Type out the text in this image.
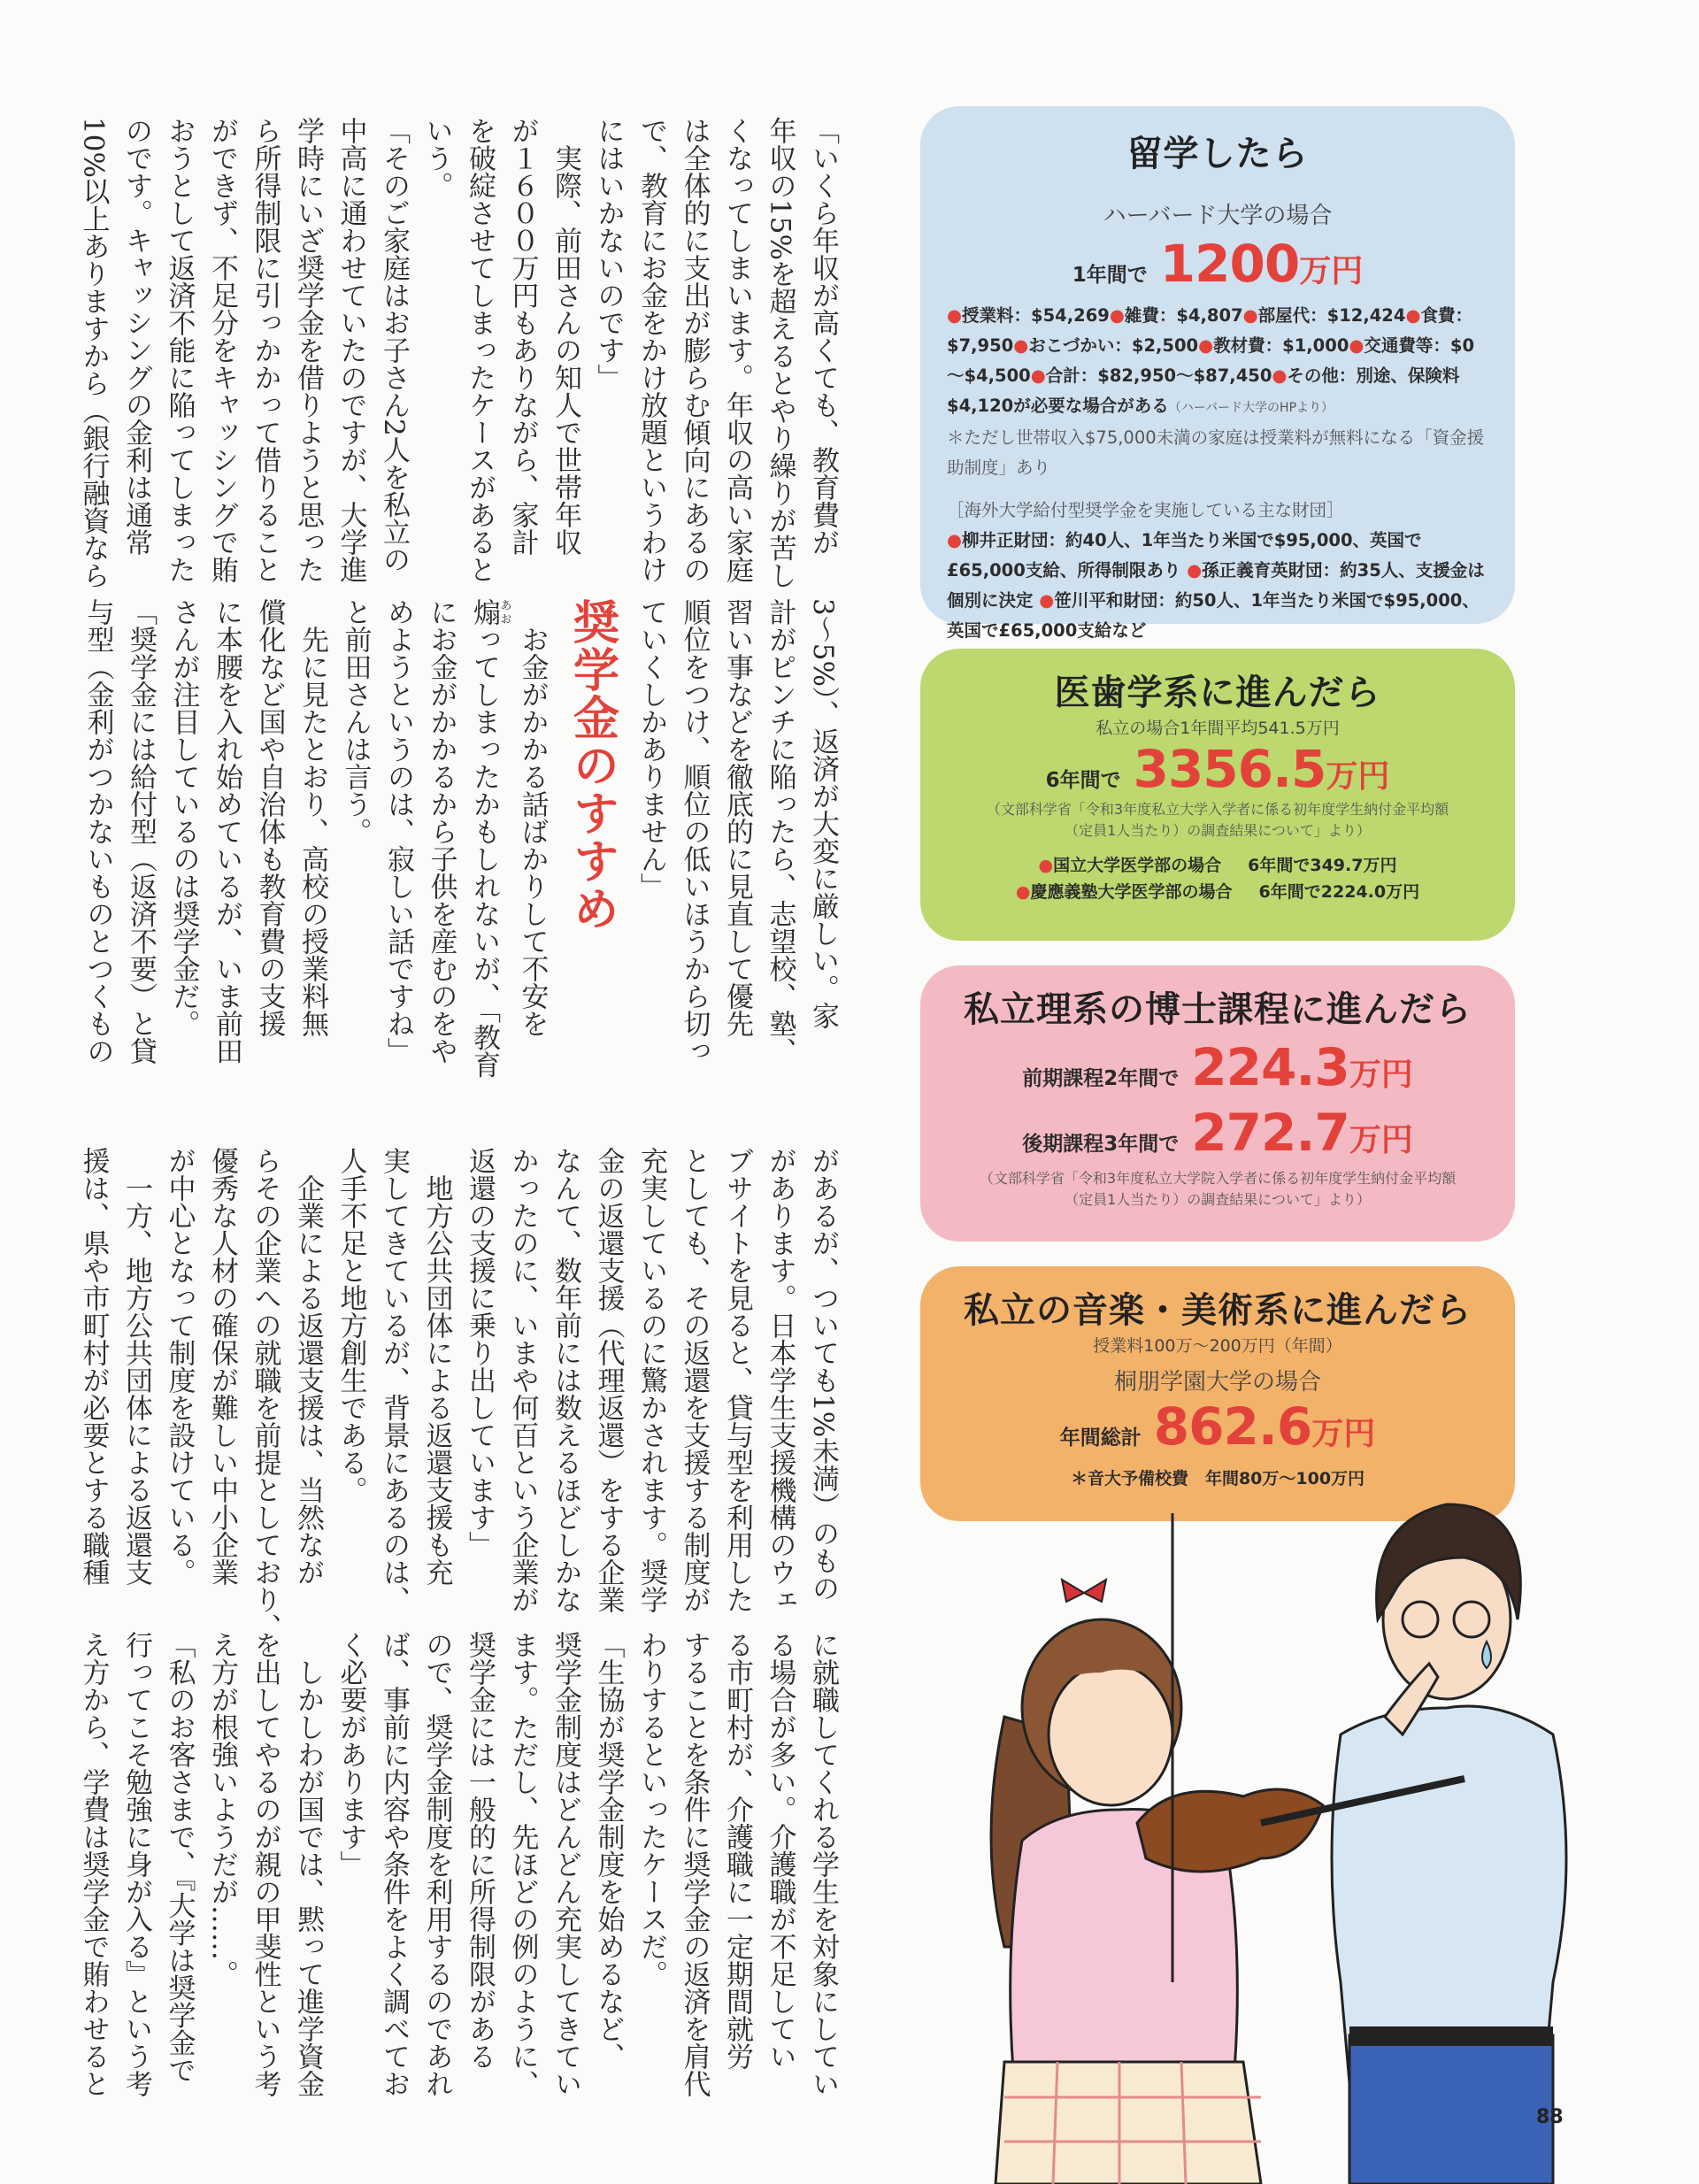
「いくら年収が高くても、教育費が
年収の15%を超えるとやり繰りが苦し
くなってしまいます。年収の高い家庭
は全体的に支出が膨らむ傾向にあるの
で、教育にお金をかけ放題というわけ
にはいかないのです」
　実際、前田さんの知人で世帯年収
が１６００万円もありながら、家計
を破綻させてしまったケースがあると
いう。
「そのご家庭はお子さん2人を私立の
中高に通わせていたのですが、大学進
学時にいざ奨学金を借りようと思った
ら所得制限に引っかかって借りること
ができず、不足分をキャッシングで賄
おうとして返済不能に陥ってしまった
のです。キャッシングの金利は通常
10%以上ありますから（銀行融資なら
3～5%）、返済が大変に厳しい。家
計がピンチに陥ったら、志望校、塾、
習い事などを徹底的に見直して優先
順位をつけ、順位の低いほうから切っ
ていくしかありません」
奨学金のすすめ
　お金がかかる話ばかりして不安を
煽あおってしまったかもしれないが、「教育
にお金がかかるから子供を産むのをや
めようというのは、寂しい話ですね」
と前田さんは言う。
　先に見たとおり、高校の授業料無
償化など国や自治体も教育費の支援
に本腰を入れ始めているが、いま前田
さんが注目しているのは奨学金だ。
「奨学金には給付型（返済不要）と貸
与型（金利がつかないものとつくもの
があるが、ついても1%未満）のもの
があります。日本学生支援機構のウェ
ブサイトを見ると、貸与型を利用した
としても、その返還を支援する制度が
充実しているのに驚かされます。奨学
金の返還支援（代理返還）をする企業
なんて、数年前には数えるほどしかな
かったのに、いまや何百という企業が
返還の支援に乗り出しています」
　地方公共団体による返還支援も充
実してきているが、背景にあるのは、
人手不足と地方創生である。
　企業による返還支援は、当然なが
らその企業への就職を前提としており、
優秀な人材の確保が難しい中小企業
が中心となって制度を設けている。
　一方、地方公共団体による返還支
援は、県や市町村が必要とする職種
に就職してくれる学生を対象にしてい
る場合が多い。介護職が不足してい
る市町村が、介護職に一定期間就労
することを条件に奨学金の返済を肩代
わりするといったケースだ。
「生協が奨学金制度を始めるなど、
奨学金制度はどんどん充実してきてい
ます。ただし、先ほどの例のように、
奨学金には一般的に所得制限がある
ので、奨学金制度を利用するのであれ
ば、事前に内容や条件をよく調べてお
く必要があります」
　しかしわが国では、黙って進学資金
を出してやるのが親の甲斐性という考
え方が根強いようだが……。
「私のお客さまで、『大学は奨学金で
行ってこそ勉強に身が入る』という考
え方から、学費は奨学金で賄わせると
留学したら
ハーバード大学の場合
1年間で 1200万円
●授業料：$54,269●雑費：$4,807●部屋代：$12,424●食費：$7,950●おこづかい：$2,500●教材費：$1,000●交通費等：$0～$4,500●合計：$82,950～$87,450●その他：別途、保険料$4,120が必要な場合がある（ハーバード大学のHPより）
＊ただし世帯収入$75,000未満の家庭は授業料が無料になる「資金援助制度」あり
［海外大学給付型奨学金を実施している主な財団］
●柳井正財団：約40人、1年当たり米国で$95,000、英国で£65,000支給、所得制限あり ●孫正義育英財団：約35人、支援金は個別に決定 ●笹川平和財団：約50人、1年当たり米国で$95,000、英国で£65,000支給など
医歯学系に進んだら
私立の場合1年間平均541.5万円
6年間で 3356.5万円
（文部科学省「令和3年度私立大学入学者に係る初年度学生納付金平均額（定員1人当たり）の調査結果について」より）
●国立大学医学部の場合 6年間で349.7万円
●慶應義塾大学医学部の場合 6年間で2224.0万円
私立理系の博士課程に進んだら
前期課程2年間で 224.3万円
後期課程3年間で 272.7万円
（文部科学省「令和3年度私立大学院入学者に係る初年度学生納付金平均額（定員1人当たり）の調査結果について」より）
私立の音楽・美術系に進んだら
授業料100万～200万円（年間）
桐朋学園大学の場合
年間総計 862.6万円
＊音大予備校費　年間80万～100万円
88
